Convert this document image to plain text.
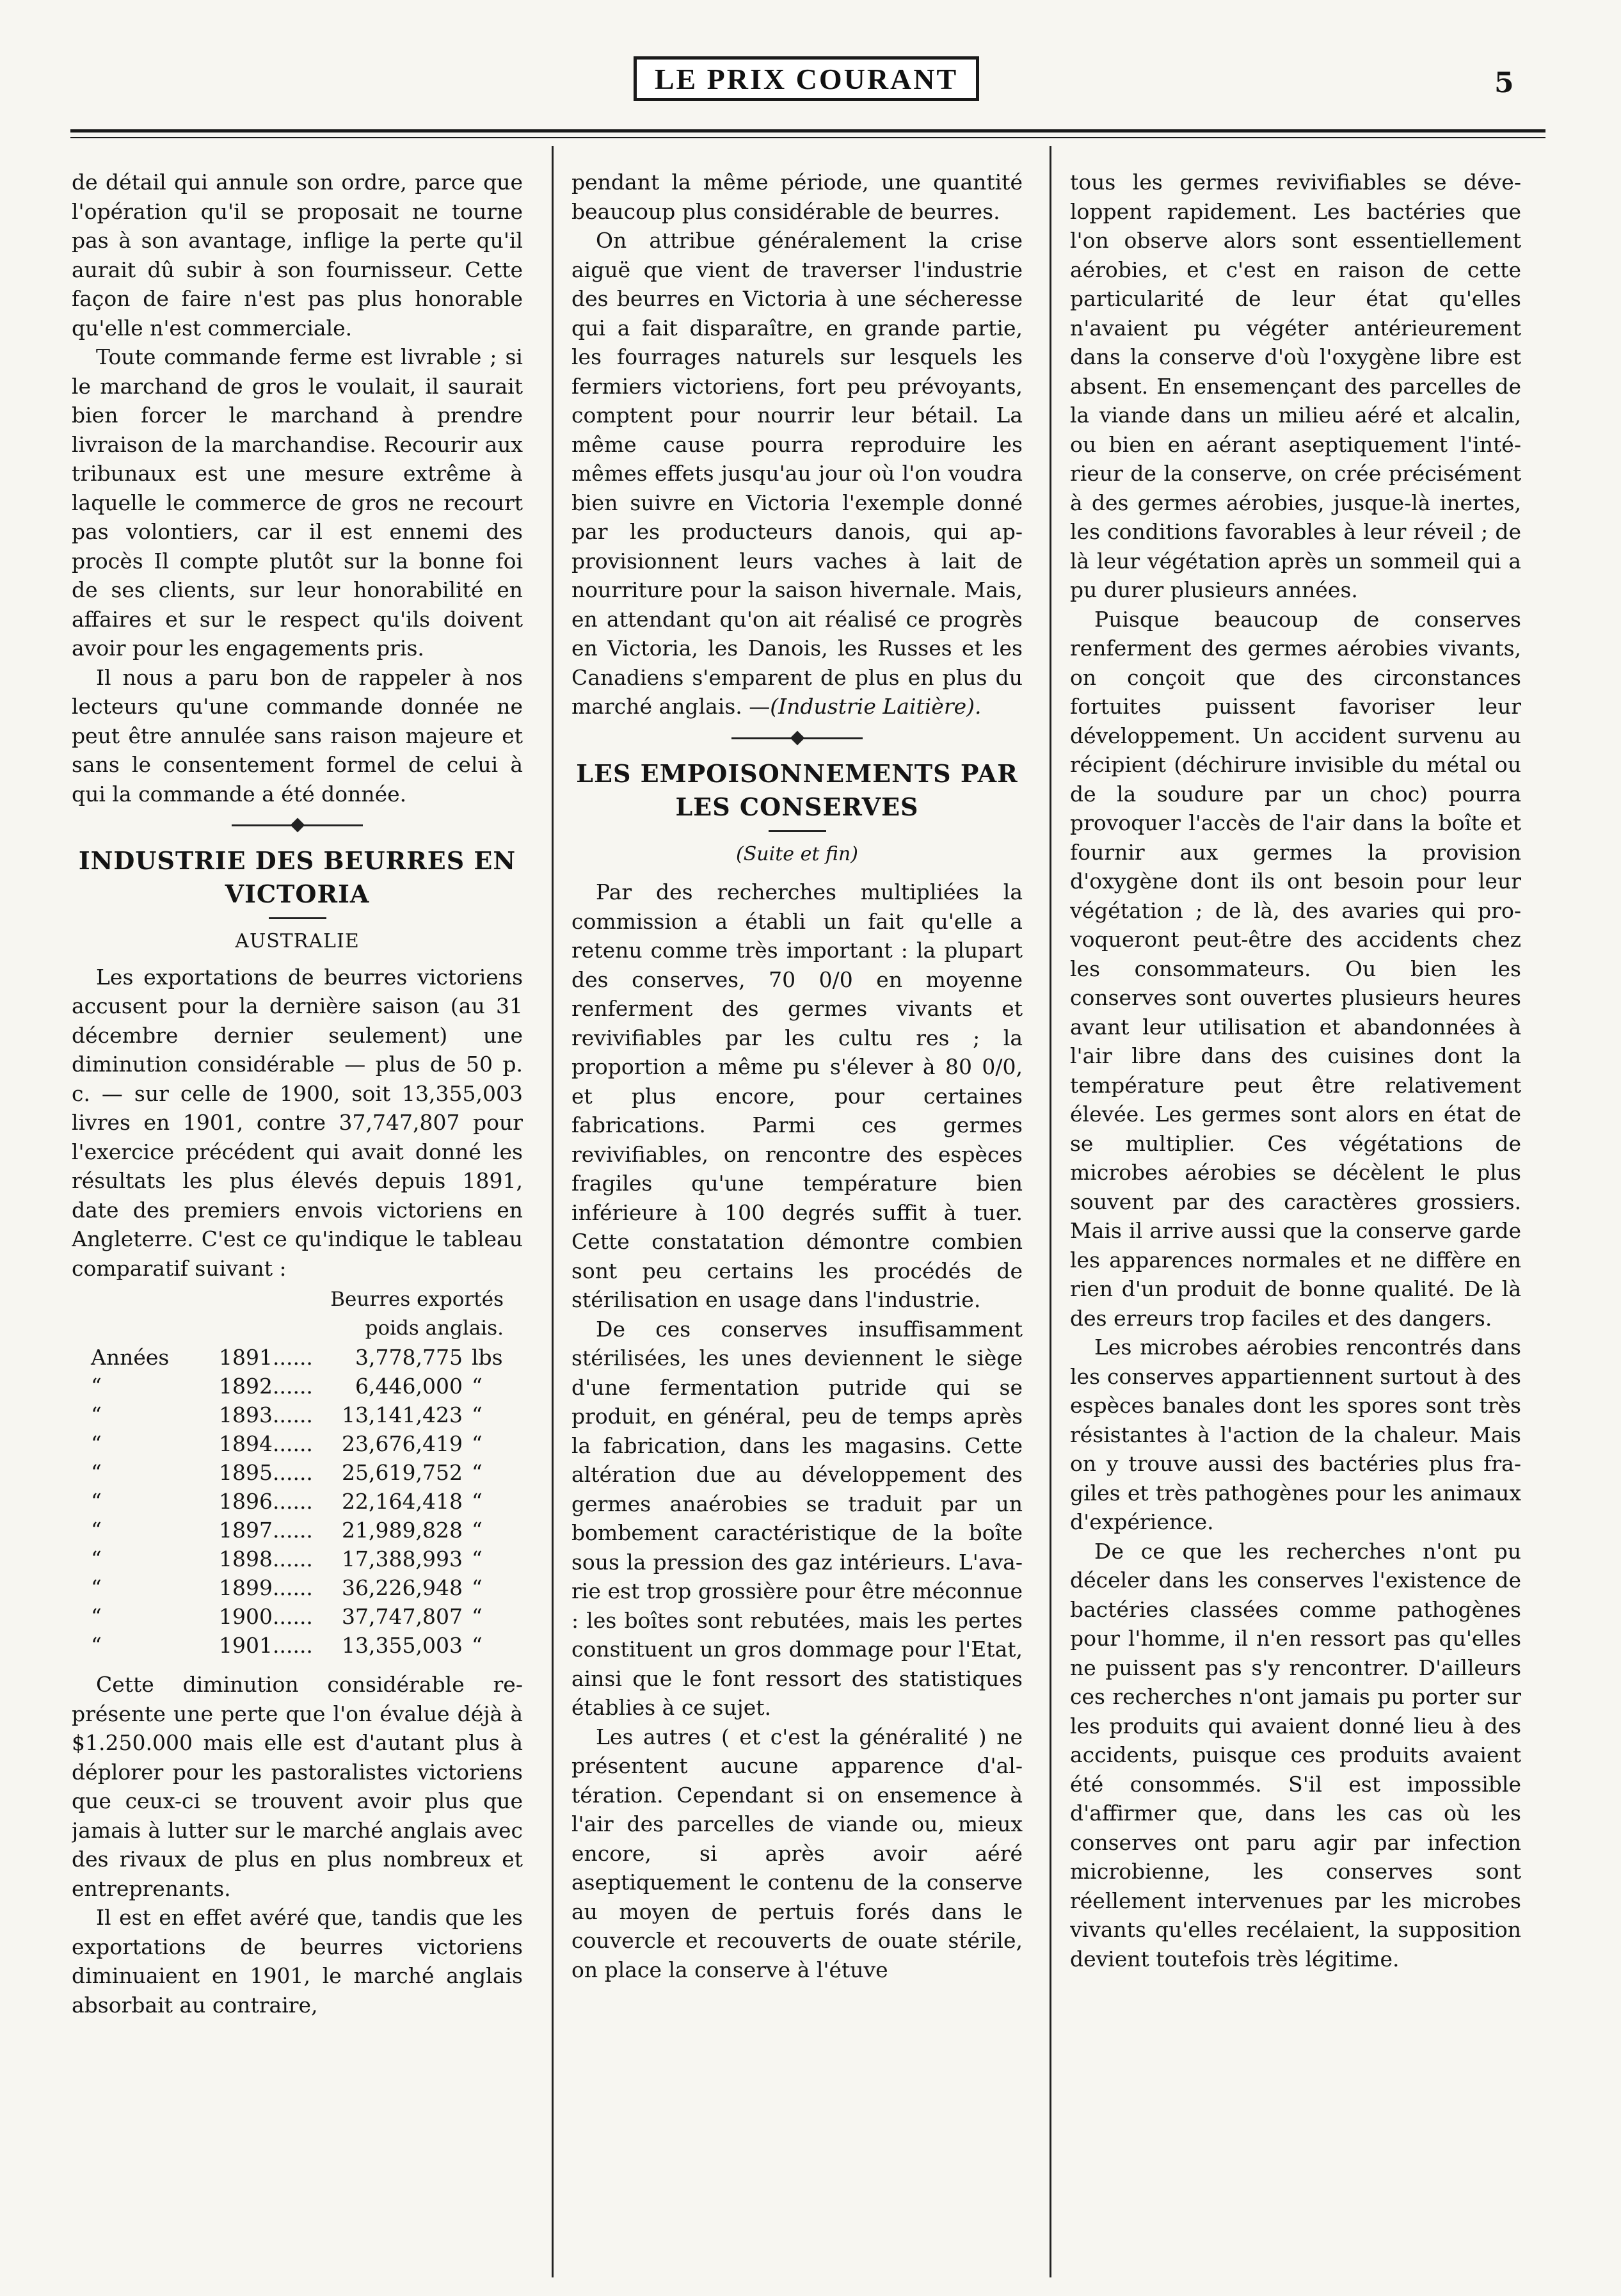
LE PRIX COURANT	5

de détail qui annule son ordre, parce que l'opération qu'il se proposait ne tourne pas à son avantage, inflige la perte qu'il aurait dû subir à son fournisseur. Cette façon de faire n'est pas plus honorable qu'elle n'est commerciale.

Toute commande ferme est livrable ; si le marchand de gros le voulait, il saurait bien forcer le marchand à prendre livraison de la marchandise. Recourir aux tribunaux est une mesure extrême à laquelle le commerce de gros ne recourt pas volontiers, car il est ennemi des procès Il compte plutôt sur la bonne foi de ses clients, sur leur honorabilité en affaires et sur le respect qu'ils doivent avoir pour les engagements pris.

Il nous a paru bon de rappeler à nos lecteurs qu'une commande donnée ne peut être annulée sans raison majeure et sans le consentement formel de celui à qui la commande a été donnée.

INDUSTRIE DES BEURRES EN VICTORIA
AUSTRALIE

Les exportations de beurres victoriens accusent pour la dernière saison (au 31 décembre dernier seulement) une diminution considérable — plus de 50 p. c. — sur celle de 1900, soit 13,355,003 livres en 1901, contre 37,747,807 pour l'exercice précédent qui avait donné les résultats les plus élevés depuis 1891, date des premiers envois victoriens en Angleterre. C'est ce qu'indique le tableau comparatif suivant :

Beurres exportés			
poids anglais.			
Années	1891......	3,778,775	lbs
“	1892......	6,446,000	“
“	1893......	13,141,423	“
“	1894......	23,676,419	“
“	1895......	25,619,752	“
“	1896......	22,164,418	“
“	1897......	21,989,828	“
“	1898......	17,388,993	“
“	1899......	36,226,948	“
“	1900......	37,747,807	“
“	1901......	13,355,003	“

Cette diminution considérable représente une perte que l'on évalue déjà à $1.250.000 mais elle est d'autant plus à déplorer pour les pastoralistes victoriens que ceux-ci se trouvent avoir plus que jamais à lutter sur le marché anglais avec des rivaux de plus en plus nombreux et entreprenants.

Il est en effet avéré que, tandis que les exportations de beurres victoriens diminuaient en 1901, le marché anglais absorbait au contraire,

pendant la même période, une quantité beaucoup plus considérable de beurres.

On attribue généralement la crise aiguë que vient de traverser l'industrie des beurres en Victoria à une sécheresse qui a fait disparaître, en grande partie, les fourrages naturels sur lesquels les fermiers victoriens, fort peu prévoyants, comptent pour nourrir leur bétail. La même cause pourra reproduire les mêmes effets jusqu'au jour où l'on voudra bien suivre en Victoria l'exemple donné par les producteurs danois, qui approvisionnent leurs vaches à lait de nourriture pour la saison hivernale. Mais, en attendant qu'on ait réalisé ce progrès en Victoria, les Danois, les Russes et les Canadiens s'emparent de plus en plus du marché anglais. —(Industrie Laitière).

LES EMPOISONNEMENTS PAR LES CONSERVES
(Suite et fin)

Par des recherches multipliées la commission a établi un fait qu'elle a retenu comme très important : la plupart des conserves, 70 0/0 en moyenne renferment des germes vivants et revivifiables par les cultu res ; la proportion a même pu s'élever à 80 0/0, et plus encore, pour certaines fabrications. Parmi ces germes revivifiables, on rencontre des espèces fragiles qu'une température bien inférieure à 100 degrés suffit à tuer. Cette constatation démontre combien sont peu certains les procédés de stérilisation en usage dans l'industrie.

De ces conserves insuffisamment stérilisées, les unes deviennent le siège d'une fermentation putride qui se produit, en général, peu de temps après la fabrication, dans les magasins. Cette altération due au développement des germes anaérobies se traduit par un bombement caractéristique de la boîte sous la pression des gaz intérieurs. L'avarie est trop grossière pour être méconnue : les boîtes sont rebutées, mais les pertes constituent un gros dommage pour l'Etat, ainsi que le font ressort des statistiques établies à ce sujet.

Les autres ( et c'est la généralité ) ne présentent aucune apparence d'altération. Cependant si on ensemence à l'air des parcelles de viande ou, mieux encore, si après avoir aéré aseptiquement le contenu de la conserve au moyen de pertuis forés dans le couvercle et recouverts de ouate stérile, on place la conserve à l'étuve

tous les germes revivifiables se développent rapidement. Les bactéries que l'on observe alors sont essentiellement aérobies, et c'est en raison de cette particularité de leur état qu'elles n'avaient pu végéter antérieurement dans la conserve d'où l'oxygène libre est absent. En ensemençant des parcelles de la viande dans un milieu aéré et alcalin, ou bien en aérant aseptiquement l'intérieur de la conserve, on crée précisément à des germes aérobies, jusque-là inertes, les conditions favorables à leur réveil ; de là leur végétation après un sommeil qui a pu durer plusieurs années.

Puisque beaucoup de conserves renferment des germes aérobies vivants, on conçoit que des circonstances fortuites puissent favoriser leur développement. Un accident survenu au récipient (déchirure invisible du métal ou de la soudure par un choc) pourra provoquer l'accès de l'air dans la boîte et fournir aux germes la provision d'oxygène dont ils ont besoin pour leur végétation ; de là, des avaries qui provoqueront peut-être des accidents chez les consommateurs. Ou bien les conserves sont ouvertes plusieurs heures avant leur utilisation et abandonnées à l'air libre dans des cuisines dont la température peut être relativement élevée. Les germes sont alors en état de se multiplier. Ces végétations de microbes aérobies se décèlent le plus souvent par des caractères grossiers. Mais il arrive aussi que la conserve garde les apparences normales et ne diffère en rien d'un produit de bonne qualité. De là des erreurs trop faciles et des dangers.

Les microbes aérobies rencontrés dans les conserves appartiennent surtout à des espèces banales dont les spores sont très résistantes à l'action de la chaleur. Mais on y trouve aussi des bactéries plus fragiles et très pathogènes pour les animaux d'expérience.

De ce que les recherches n'ont pu déceler dans les conserves l'existence de bactéries classées comme pathogènes pour l'homme, il n'en ressort pas qu'elles ne puissent pas s'y rencontrer. D'ailleurs ces recherches n'ont jamais pu porter sur les produits qui avaient donné lieu à des accidents, puisque ces produits avaient été consommés. S'il est impossible d'affirmer que, dans les cas où les conserves ont paru agir par infection microbienne, les conserves sont réellement intervenues par les microbes vivants qu'elles recélaient, la supposition devient toutefois très légitime.
